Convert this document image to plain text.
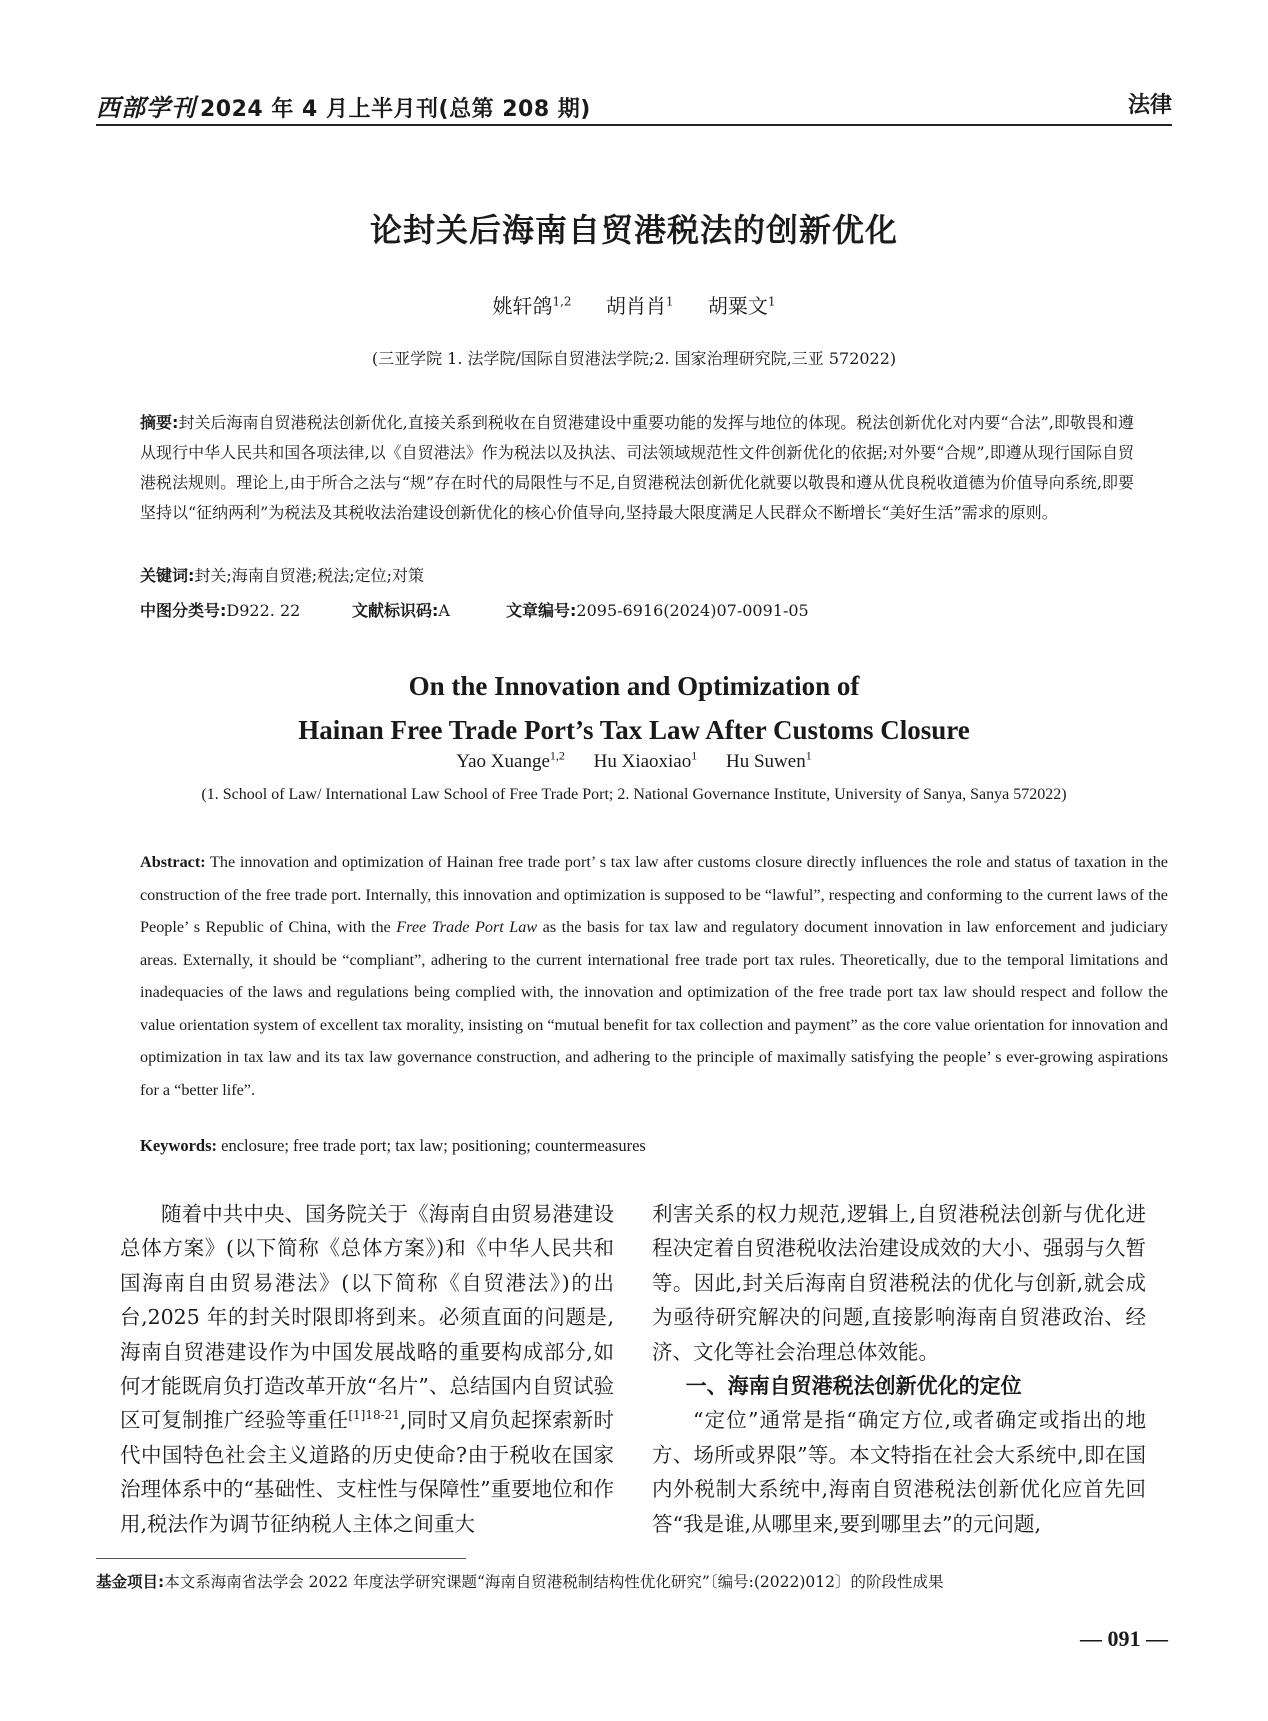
西部学刊 2024 年 4 月上半月刊(总第 208 期)	法律
论封关后海南自贸港税法的创新优化
姚轩鸽$^{1,2}$ 胡肖肖$^1$ 胡粟文$^1$
(三亚学院 1. 法学院/国际自贸港法学院;2. 国家治理研究院,三亚 572022)
摘要:封关后海南自贸港税法创新优化,直接关系到税收在自贸港建设中重要功能的发挥与地位的体现。税法创新优化对内要“合法”,即敬畏和遵从现行中华人民共和国各项法律,以《自贸港法》作为税法以及执法、司法领域规范性文件创新优化的依据;对外要“合规”,即遵从现行国际自贸港税法规则。理论上,由于所合之法与“规”存在时代的局限性与不足,自贸港税法创新优化就要以敬畏和遵从优良税收道德为价值导向系统,即要坚持以“征纳两利”为税法及其税收法治建设创新优化的核心价值导向,坚持最大限度满足人民群众不断增长“美好生活”需求的原则。
关键词:封关;海南自贸港;税法;定位;对策
中图分类号:D922. 22	文献标识码:A	文章编号:2095-6916(2024)07-0091-05
On the Innovation and Optimization of
Hainan Free Trade Port’s Tax Law After Customs Closure
Yao Xuange$^{1,2}$ Hu Xiaoxiao$^1$ Hu Suwen$^1$
(1. School of Law/ International Law School of Free Trade Port; 2. National Governance Institute, University of Sanya, Sanya 572022)
Abstract: The innovation and optimization of Hainan free trade port’ s tax law after customs closure directly influences the role and status of taxation in the construction of the free trade port. Internally, this innovation and optimization is supposed to be “lawful”, respecting and conforming to the current laws of the People’ s Republic of China, with the Free Trade Port Law as the basis for tax law and regulatory document innovation in law enforcement and judiciary areas. Externally, it should be “compliant”, adhering to the current international free trade port tax rules. Theoretically, due to the temporal limitations and inadequacies of the laws and regulations being complied with, the innovation and optimization of the free trade port tax law should respect and follow the value orientation system of excellent tax morality, insisting on “mutual benefit for tax collection and payment” as the core value orientation for innovation and optimization in tax law and its tax law governance construction, and adhering to the principle of maximally satisfying the people’ s ever-growing aspirations for a “better life”.
Keywords: enclosure; free trade port; tax law; positioning; countermeasures

随着中共中央、国务院关于《海南自由贸易港建设总体方案》(以下简称《总体方案》)和《中华人民共和国海南自由贸易港法》(以下简称《自贸港法》)的出台,2025 年的封关时限即将到来。必须直面的问题是,海南自贸港建设作为中国发展战略的重要构成部分,如何才能既肩负打造改革开放“名片”、总结国内自贸试验区可复制推广经验等重任$^{[1]18-21}$,同时又肩负起探索新时代中国特色社会主义道路的历史使命?由于税收在国家治理体系中的“基础性、支柱性与保障性”重要地位和作用,税法作为调节征纳税人主体之间重大

利害关系的权力规范,逻辑上,自贸港税法创新与优化进程决定着自贸港税收法治建设成效的大小、强弱与久暂等。因此,封关后海南自贸港税法的优化与创新,就会成为亟待研究解决的问题,直接影响海南自贸港政治、经济、文化等社会治理总体效能。

一、海南自贸港税法创新优化的定位

“定位”通常是指“确定方位,或者确定或指出的地方、场所或界限”等。本文特指在社会大系统中,即在国内外税制大系统中,海南自贸港税法创新优化应首先回答“我是谁,从哪里来,要到哪里去”的元问题,

基金项目:本文系海南省法学会 2022 年度法学研究课题“海南自贸港税制结构性优化研究”〔编号:(2022)012〕的阶段性成果
— 091 —
